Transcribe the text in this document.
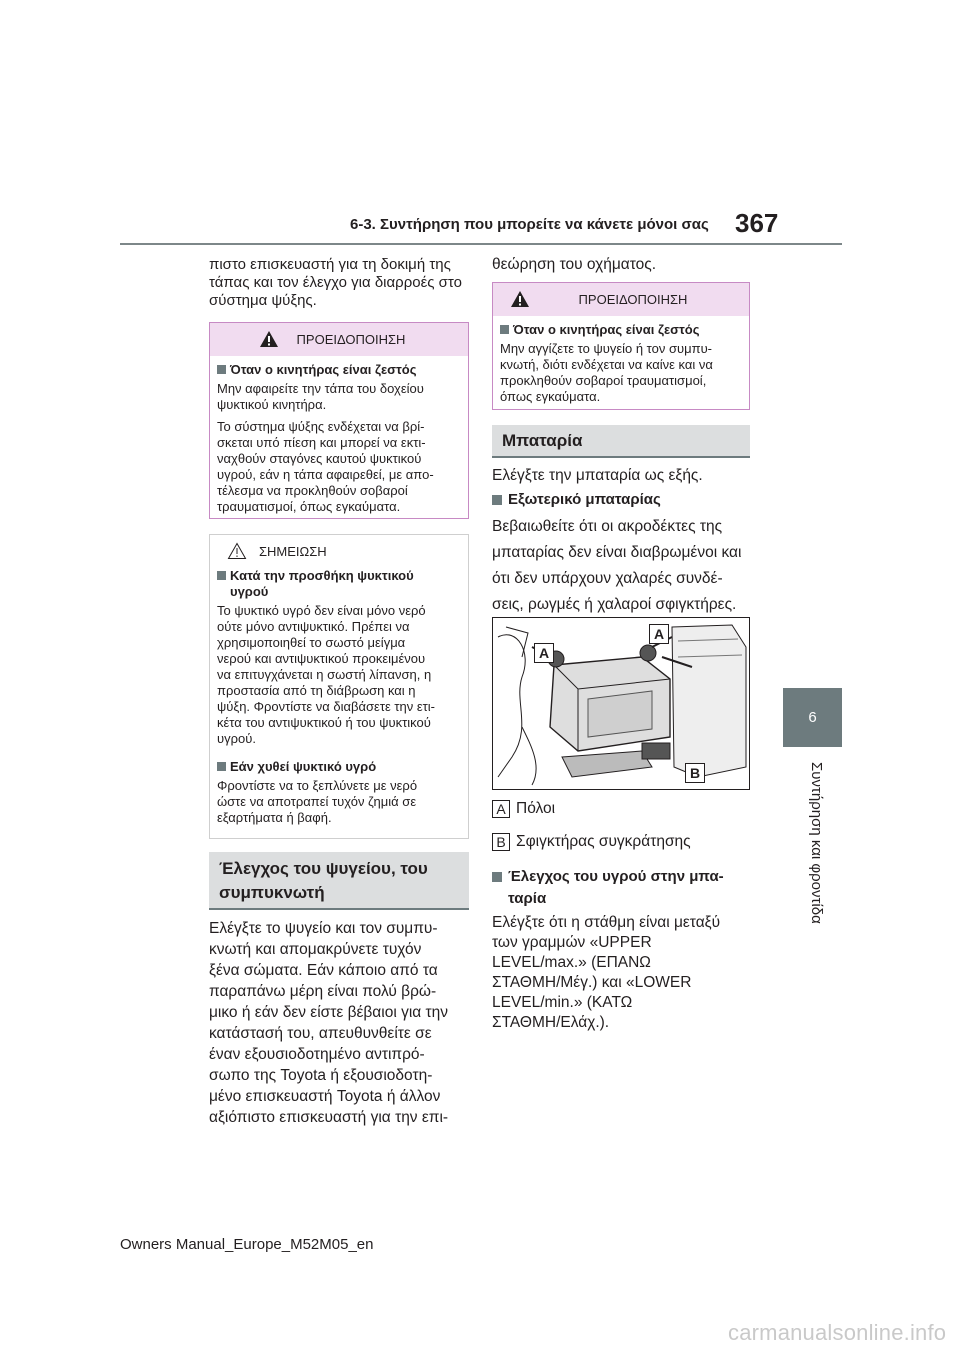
6-3. Συντήρηση που μπορείτε να κάνετε μόνοι σας 367
6
Συντήρηση και φροντίδα
πιστο επισκευαστή για τη δοκιμή της
τάπας και τον έλεγχο για διαρροές στο
σύστημα ψύξης.
ΠΡΟΕΙΔΟΠΟΙΗΣΗ
Όταν ο κινητήρας είναι ζεστός
Μην αφαιρείτε την τάπα του δοχείου
ψυκτικού κινητήρα.
Το σύστημα ψύξης ενδέχεται να βρί-
σκεται υπό πίεση και μπορεί να εκτι-
ναχθούν σταγόνες καυτού ψυκτικού
υγρού, εάν η τάπα αφαιρεθεί, με απο-
τέλεσμα να προκληθούν σοβαροί
τραυματισμοί, όπως εγκαύματα.
ΣΗΜΕΙΩΣΗ
Κατά την προσθήκη ψυκτικού
υγρού
Το ψυκτικό υγρό δεν είναι μόνο νερό
ούτε μόνο αντιψυκτικό. Πρέπει να
χρησιμοποιηθεί το σωστό μείγμα
νερού και αντιψυκτικού προκειμένου
να επιτυγχάνεται η σωστή λίπανση, η
προστασία από τη διάβρωση και η
ψύξη. Φροντίστε να διαβάσετε την ετι-
κέτα του αντιψυκτικού ή του ψυκτικού
υγρού.
Εάν χυθεί ψυκτικό υγρό
Φροντίστε να το ξεπλύνετε με νερό
ώστε να αποτραπεί τυχόν ζημιά σε
εξαρτήματα ή βαφή.
Έλεγχος του ψυγείου, του
συμπυκνωτή
Ελέγξτε το ψυγείο και τον συμπυ-
κνωτή και απομακρύνετε τυχόν
ξένα σώματα. Εάν κάποιο από τα
παραπάνω μέρη είναι πολύ βρώ-
μικο ή εάν δεν είστε βέβαιοι για την
κατάστασή του, απευθυνθείτε σε
έναν εξουσιοδοτημένο αντιπρό-
σωπο της Toyota ή εξουσιοδοτη-
μένο επισκευαστή Toyota ή άλλον
αξιόπιστο επισκευαστή για την επι-
θεώρηση του οχήματος.
ΠΡΟΕΙΔΟΠΟΙΗΣΗ
Όταν ο κινητήρας είναι ζεστός
Μην αγγίζετε το ψυγείο ή τον συμπυ-
κνωτή, διότι ενδέχεται να καίνε και να
προκληθούν σοβαροί τραυματισμοί,
όπως εγκαύματα.
Μπαταρία
Ελέγξτε την μπαταρία ως εξής.
Εξωτερικό μπαταρίας
Βεβαιωθείτε ότι οι ακροδέκτες της
μπαταρίας δεν είναι διαβρωμένοι και
ότι δεν υπάρχουν χαλαρές συνδέ-
σεις, ρωγμές ή χαλαροί σφιγκτήρες.
A
A
B
A Πόλοι
B Σφιγκτήρας συγκράτησης
Έλεγχος του υγρού στην μπα-
ταρία
Ελέγξτε ότι η στάθμη είναι μεταξύ
των γραμμών «UPPER
LEVEL/max.» (ΕΠΑΝΩ
ΣΤΑΘΜΗ/Μέγ.) και «LOWER
LEVEL/min.» (ΚΑΤΩ
ΣΤΑΘΜΗ/Ελάχ.).
Owners Manual_Europe_M52M05_en
carmanualsonline.info
